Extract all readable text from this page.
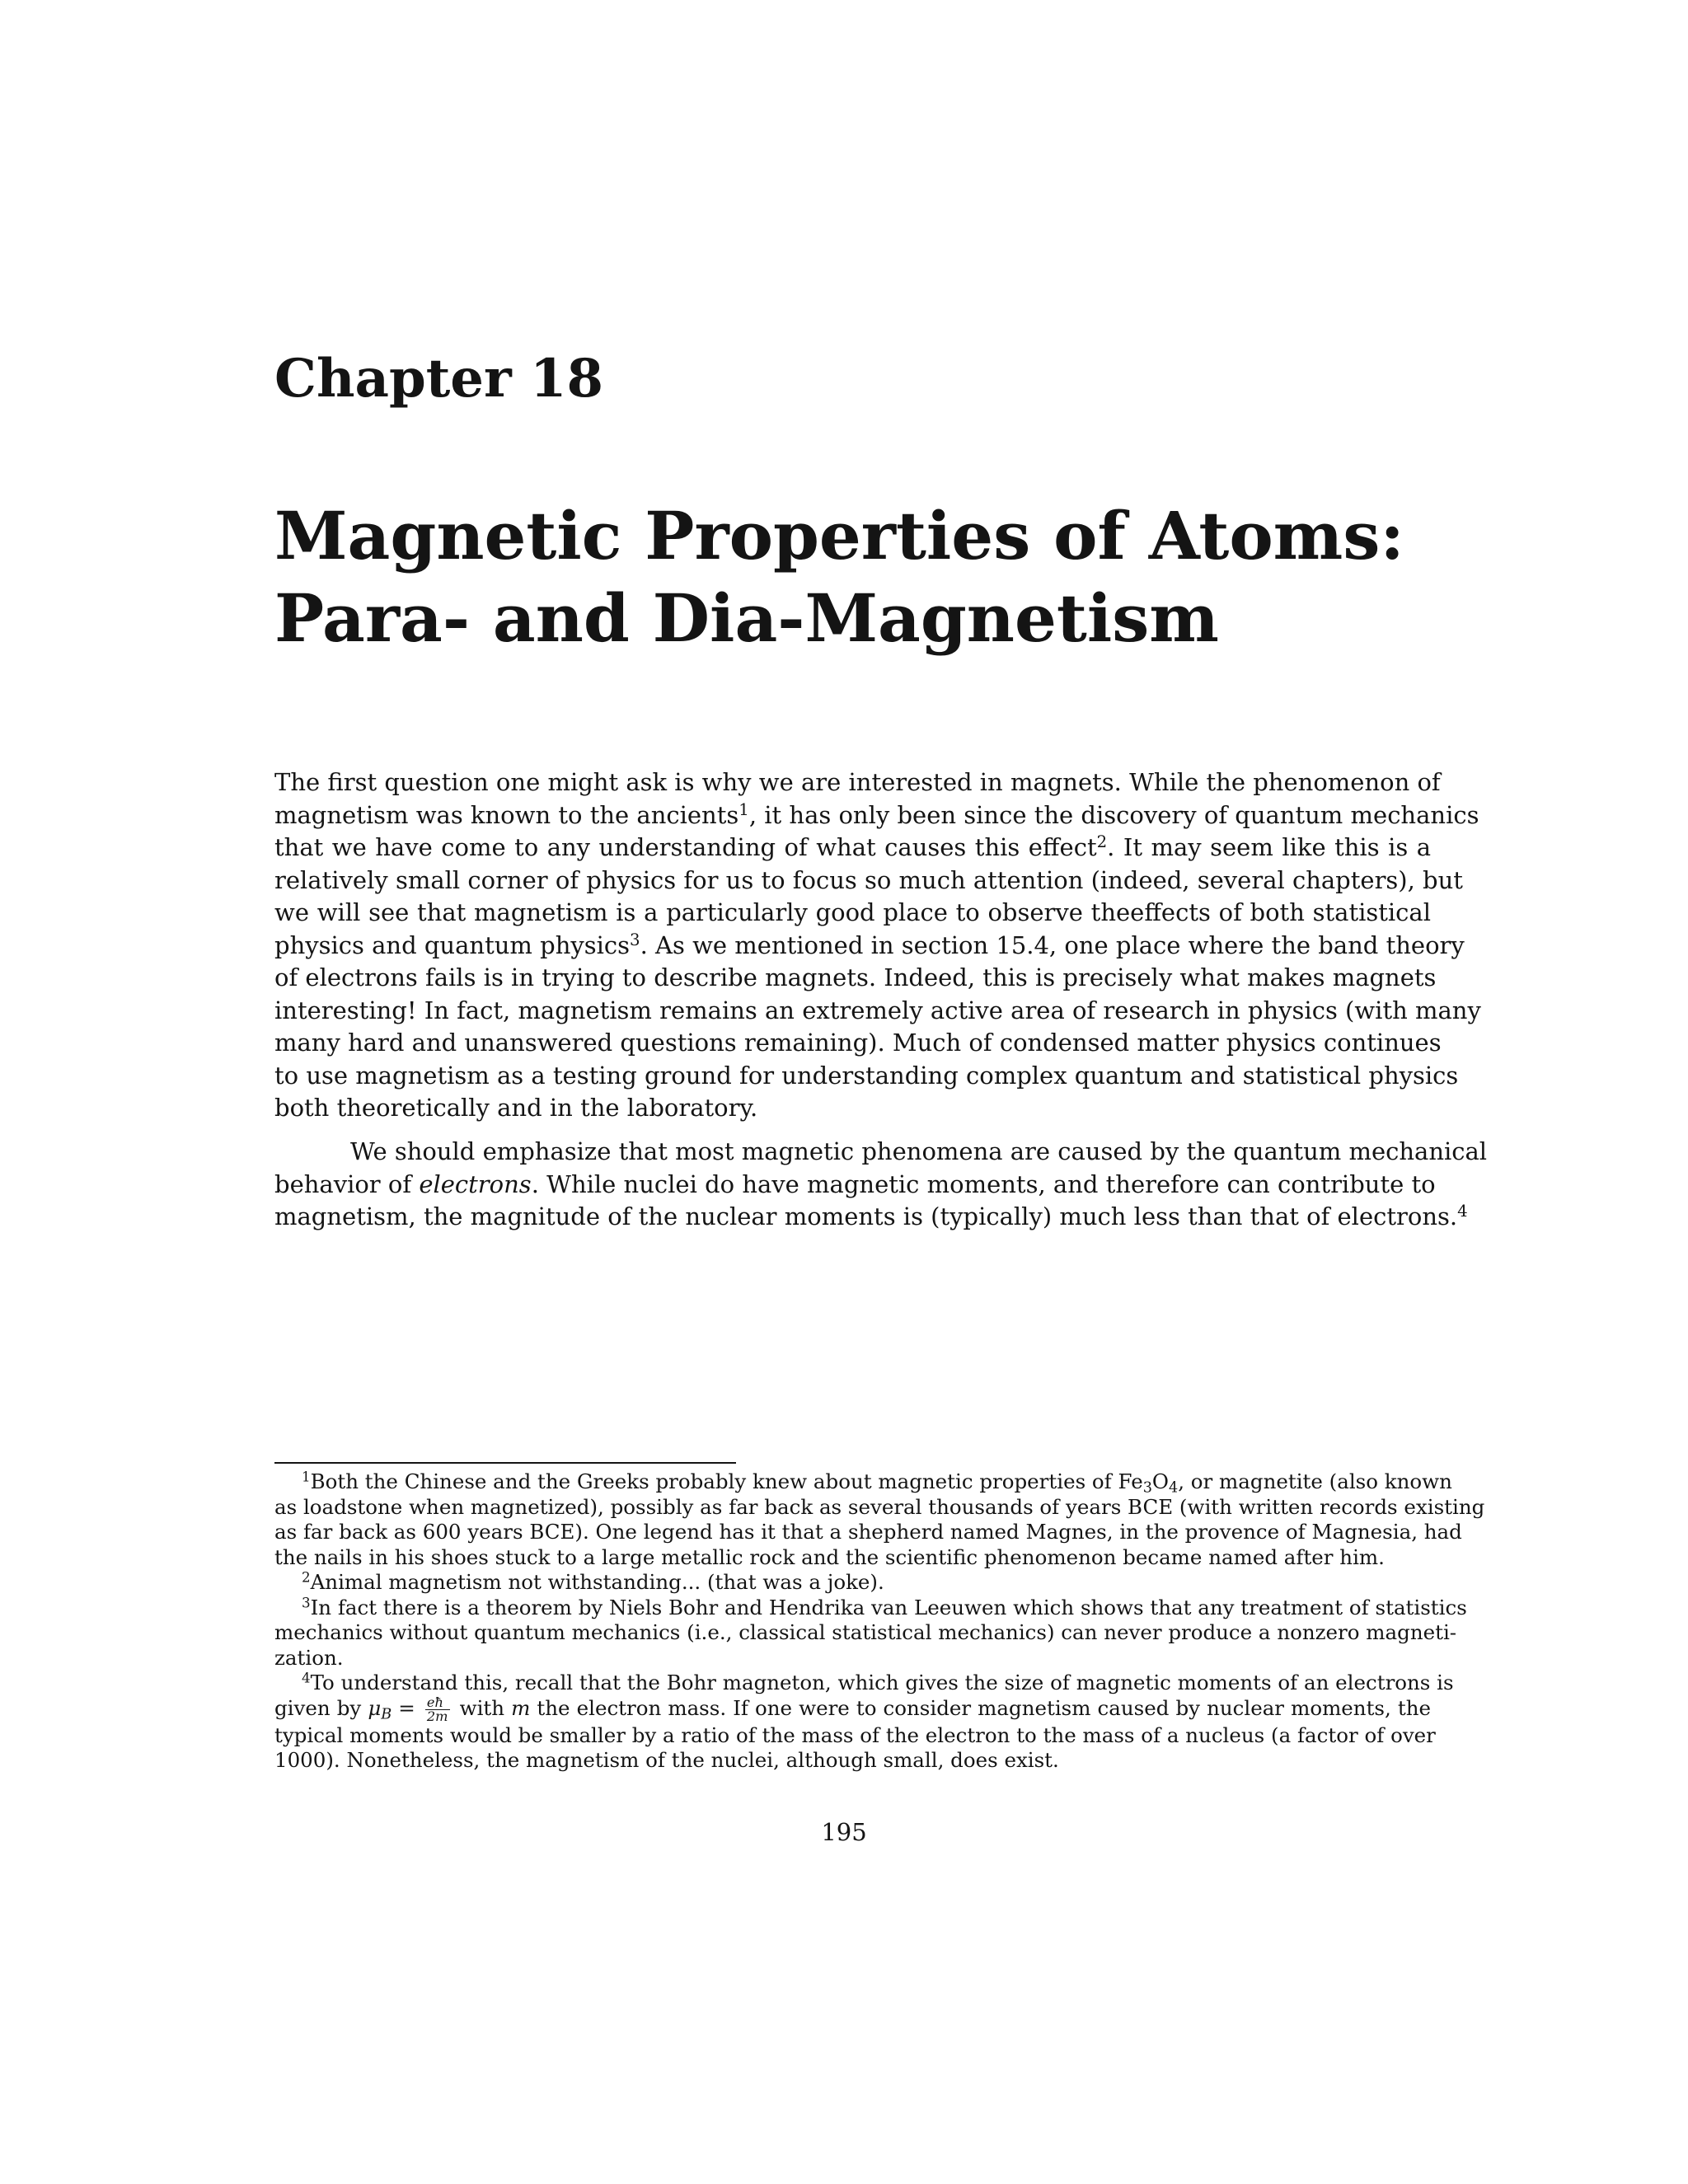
Chapter 18
Magnetic Properties of Atoms:
Para- and Dia-Magnetism
The first question one might ask is why we are interested in magnets. While the phenomenon of
magnetism was known to the ancients$^1$, it has only been since the discovery of quantum mechanics
that we have come to any understanding of what causes this effect$^2$. It may seem like this is a
relatively small corner of physics for us to focus so much attention (indeed, several chapters), but
we will see that magnetism is a particularly good place to observe theeffects of both statistical
physics and quantum physics$^3$. As we mentioned in section 15.4, one place where the band theory
of electrons fails is in trying to describe magnets. Indeed, this is precisely what makes magnets
interesting! In fact, magnetism remains an extremely active area of research in physics (with many
many hard and unanswered questions remaining). Much of condensed matter physics continues
to use magnetism as a testing ground for understanding complex quantum and statistical physics
both theoretically and in the laboratory.
We should emphasize that most magnetic phenomena are caused by the quantum mechanical
behavior of electrons. While nuclei do have magnetic moments, and therefore can contribute to
magnetism, the magnitude of the nuclear moments is (typically) much less than that of electrons.$^4$
$^1$Both the Chinese and the Greeks probably knew about magnetic properties of $Fe_3O_4$, or magnetite (also known
as loadstone when magnetized), possibly as far back as several thousands of years BCE (with written records existing
as far back as 600 years BCE). One legend has it that a shepherd named Magnes, in the provence of Magnesia, had
the nails in his shoes stuck to a large metallic rock and the scientific phenomenon became named after him.
$^2$Animal magnetism not withstanding... (that was a joke).
$^3$In fact there is a theorem by Niels Bohr and Hendrika van Leeuwen which shows that any treatment of statistics
mechanics without quantum mechanics (i.e., classical statistical mechanics) can never produce a nonzero magneti-
zation.
$^4$To understand this, recall that the Bohr magneton, which gives the size of magnetic moments of an electrons is
given by $\mu_B = \frac{eħ}{2m}$ with m the electron mass. If one were to consider magnetism caused by nuclear moments, the
typical moments would be smaller by a ratio of the mass of the electron to the mass of a nucleus (a factor of over
1000). Nonetheless, the magnetism of the nuclei, although small, does exist.
195
